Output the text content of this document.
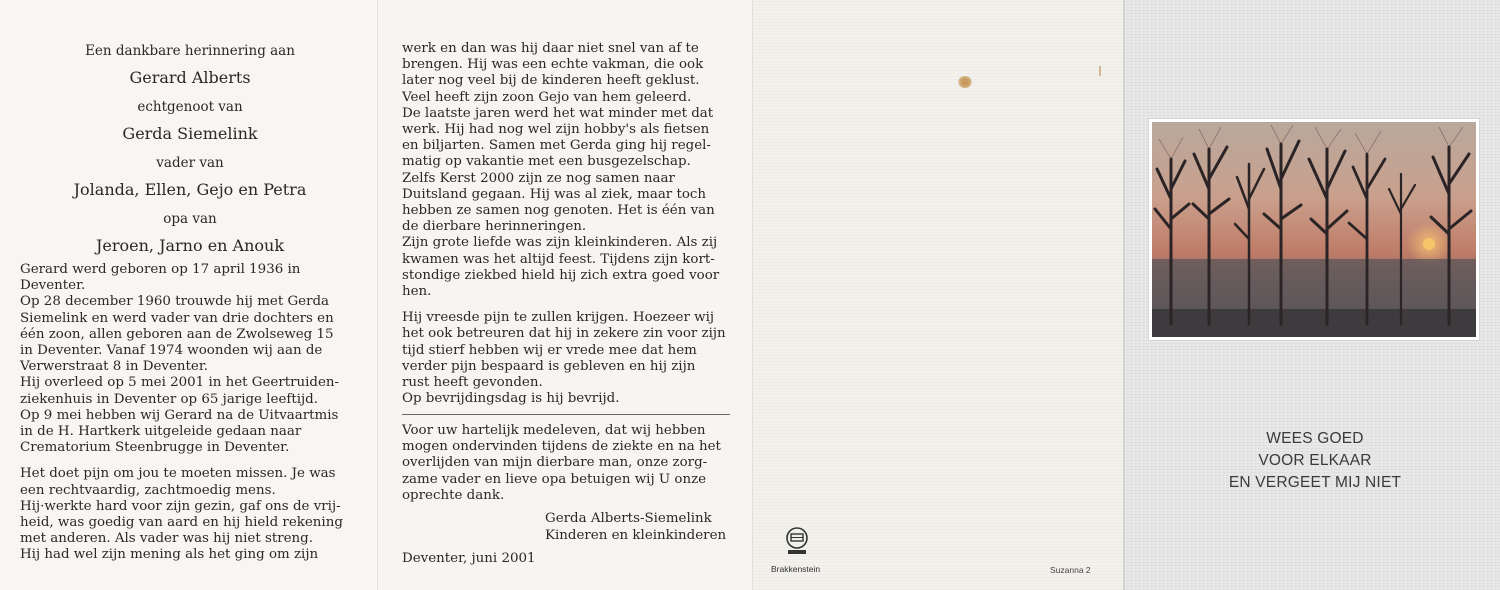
Een dankbare herinnering aan
Gerard Alberts
echtgenoot van
Gerda Siemelink
vader van
Jolanda, Ellen, Gejo en Petra
opa van
Jeroen, Jarno en Anouk
Gerard werd geboren op 17 april 1936 in
Deventer.
Op 28 december 1960 trouwde hij met Gerda
Siemelink en werd vader van drie dochters en
één zoon, allen geboren aan de Zwolseweg 15
in Deventer. Vanaf 1974 woonden wij aan de
Verwerstraat 8 in Deventer.
Hij overleed op 5 mei 2001 in het Geertruiden-
ziekenhuis in Deventer op 65 jarige leeftijd.
Op 9 mei hebben wij Gerard na de Uitvaartmis
in de H. Hartkerk uitgeleide gedaan naar
Crematorium Steenbrugge in Deventer.
Het doet pijn om jou te moeten missen. Je was
een rechtvaardig, zachtmoedig mens.
Hij·werkte hard voor zijn gezin, gaf ons de vrij-
heid, was goedig van aard en hij hield rekening
met anderen. Als vader was hij niet streng.
Hij had wel zijn mening als het ging om zijn
werk en dan was hij daar niet snel van af te
brengen. Hij was een echte vakman, die ook
later nog veel bij de kinderen heeft geklust.
Veel heeft zijn zoon Gejo van hem geleerd.
De laatste jaren werd het wat minder met dat
werk. Hij had nog wel zijn hobby's als fietsen
en biljarten. Samen met Gerda ging hij regel-
matig op vakantie met een busgezelschap.
Zelfs Kerst 2000 zijn ze nog samen naar
Duitsland gegaan. Hij was al ziek, maar toch
hebben ze samen nog genoten. Het is één van
de dierbare herinneringen.
Zijn grote liefde was zijn kleinkinderen. Als zij
kwamen was het altijd feest. Tijdens zijn kort-
stondige ziekbed hield hij zich extra goed voor
hen.
Hij vreesde pijn te zullen krijgen. Hoezeer wij
het ook betreuren dat hij in zekere zin voor zijn
tijd stierf hebben wij er vrede mee dat hem
verder pijn bespaard is gebleven en hij zijn
rust heeft gevonden.
Op bevrijdingsdag is hij bevrijd.
Voor uw hartelijk medeleven, dat wij hebben
mogen ondervinden tijdens de ziekte en na het
overlijden van mijn dierbare man, onze zorg-
zame vader en lieve opa betuigen wij U onze
oprechte dank.
Gerda Alberts-Siemelink
Kinderen en kleinkinderen
Deventer, juni 2001
Brakkenstein	Suzanna 2
WEES GOED
VOOR ELKAAR
EN VERGEET MIJ NIET
